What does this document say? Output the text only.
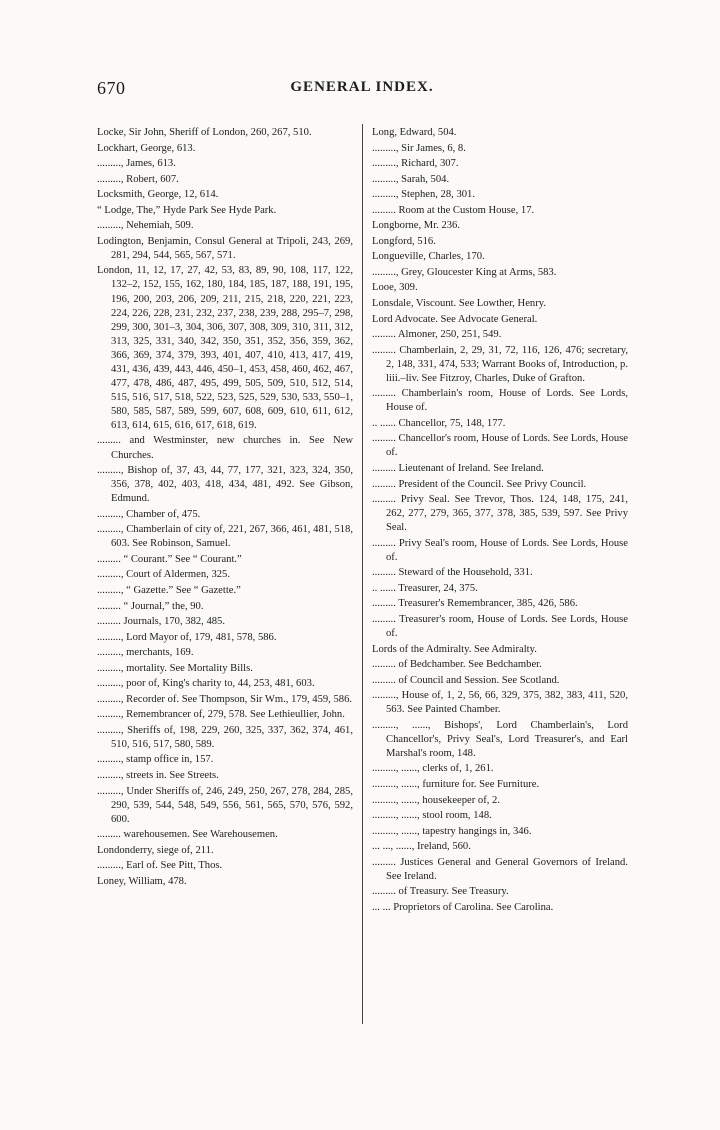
670	GENERAL INDEX.

Locke, Sir John, Sheriff of London, 260, 267, 510.

Lockhart, George, 613.

........., James, 613.

........., Robert, 607.

Locksmith, George, 12, 614.

“ Lodge, The,” Hyde Park See Hyde Park.

........., Nehemiah, 509.

Lodington, Benjamin, Consul General at Tripoli, 243, 269, 281, 294, 544, 565, 567, 571.

London, 11, 12, 17, 27, 42, 53, 83, 89, 90, 108, 117, 122, 132–2, 152, 155, 162, 180, 184, 185, 187, 188, 191, 195, 196, 200, 203, 206, 209, 211, 215, 218, 220, 221, 223, 224, 226, 228, 231, 232, 237, 238, 239, 288, 295–7, 298, 299, 300, 301–3, 304, 306, 307, 308, 309, 310, 311, 312, 313, 325, 331, 340, 342, 350, 351, 352, 356, 359, 362, 366, 369, 374, 379, 393, 401, 407, 410, 413, 417, 419, 431, 436, 439, 443, 446, 450–1, 453, 458, 460, 462, 467, 477, 478, 486, 487, 495, 499, 505, 509, 510, 512, 514, 515, 516, 517, 518, 522, 523, 525, 529, 530, 533, 550–1, 580, 585, 587, 589, 599, 607, 608, 609, 610, 611, 612, 613, 614, 615, 616, 617, 618, 619.

......... and Westminster, new churches in. See New Churches.

........., Bishop of, 37, 43, 44, 77, 177, 321, 323, 324, 350, 356, 378, 402, 403, 418, 434, 481, 492. See Gibson, Edmund.

........., Chamber of, 475.

........., Chamberlain of city of, 221, 267, 366, 461, 481, 518, 603. See Robinson, Samuel.

......... “ Courant.” See “ Courant.”

........., Court of Aldermen, 325.

........., “ Gazette.” See “ Gazette.”

......... “ Journal,” the, 90.

......... Journals, 170, 382, 485.

........., Lord Mayor of, 179, 481, 578, 586.

........., merchants, 169.

........., mortality. See Mortality Bills.

........., poor of, King's charity to, 44, 253, 481, 603.

........., Recorder of. See Thompson, Sir Wm., 179, 459, 586.

........., Remembrancer of, 279, 578. See Lethieullier, John.

........., Sheriffs of, 198, 229, 260, 325, 337, 362, 374, 461, 510, 516, 517, 580, 589.

........., stamp office in, 157.

........., streets in. See Streets.

........., Under Sheriffs of, 246, 249, 250, 267, 278, 284, 285, 290, 539, 544, 548, 549, 556, 561, 565, 570, 576, 592, 600.

......... warehousemen. See Warehousemen.

Londonderry, siege of, 211.

........., Earl of. See Pitt, Thos.

Loney, William, 478.

Long, Edward, 504.

........., Sir James, 6, 8.

........., Richard, 307.

........., Sarah, 504.

........., Stephen, 28, 301.

......... Room at the Custom House, 17.

Longborne, Mr. 236.

Longford, 516.

Longueville, Charles, 170.

........., Grey, Gloucester King at Arms, 583.

Looe, 309.

Lonsdale, Viscount. See Lowther, Henry.

Lord Advocate. See Advocate General.

......... Almoner, 250, 251, 549.

......... Chamberlain, 2, 29, 31, 72, 116, 126, 476; secretary, 2, 148, 331, 474, 533; Warrant Books of, Introduction, p. liii.–liv. See Fitzroy, Charles, Duke of Grafton.

......... Chamberlain's room, House of Lords. See Lords, House of.

.. ...... Chancellor, 75, 148, 177.

......... Chancellor's room, House of Lords. See Lords, House of.

......... Lieutenant of Ireland. See Ireland.

......... President of the Council. See Privy Council.

......... Privy Seal. See Trevor, Thos. 124, 148, 175, 241, 262, 277, 279, 365, 377, 378, 385, 539, 597. See Privy Seal.

......... Privy Seal's room, House of Lords. See Lords, House of.

......... Steward of the Household, 331.

.. ...... Treasurer, 24, 375.

......... Treasurer's Remembrancer, 385, 426, 586.

......... Treasurer's room, House of Lords. See Lords, House of.

Lords of the Admiralty. See Admiralty.

......... of Bedchamber. See Bedchamber.

......... of Council and Session. See Scotland.

........., House of, 1, 2, 56, 66, 329, 375, 382, 383, 411, 520, 563. See Painted Chamber.

........., ......, Bishops', Lord Chamberlain's, Lord Chancellor's, Privy Seal's, Lord Treasurer's, and Earl Marshal's room, 148.

........., ......, clerks of, 1, 261.

........., ......, furniture for. See Furniture.

........., ......, housekeeper of, 2.

........., ......, stool room, 148.

........., ......, tapestry hangings in, 346.

... ..., ......, Ireland, 560.

......... Justices General and General Governors of Ireland. See Ireland.

......... of Treasury. See Treasury.

... ... Proprietors of Carolina. See Carolina.
